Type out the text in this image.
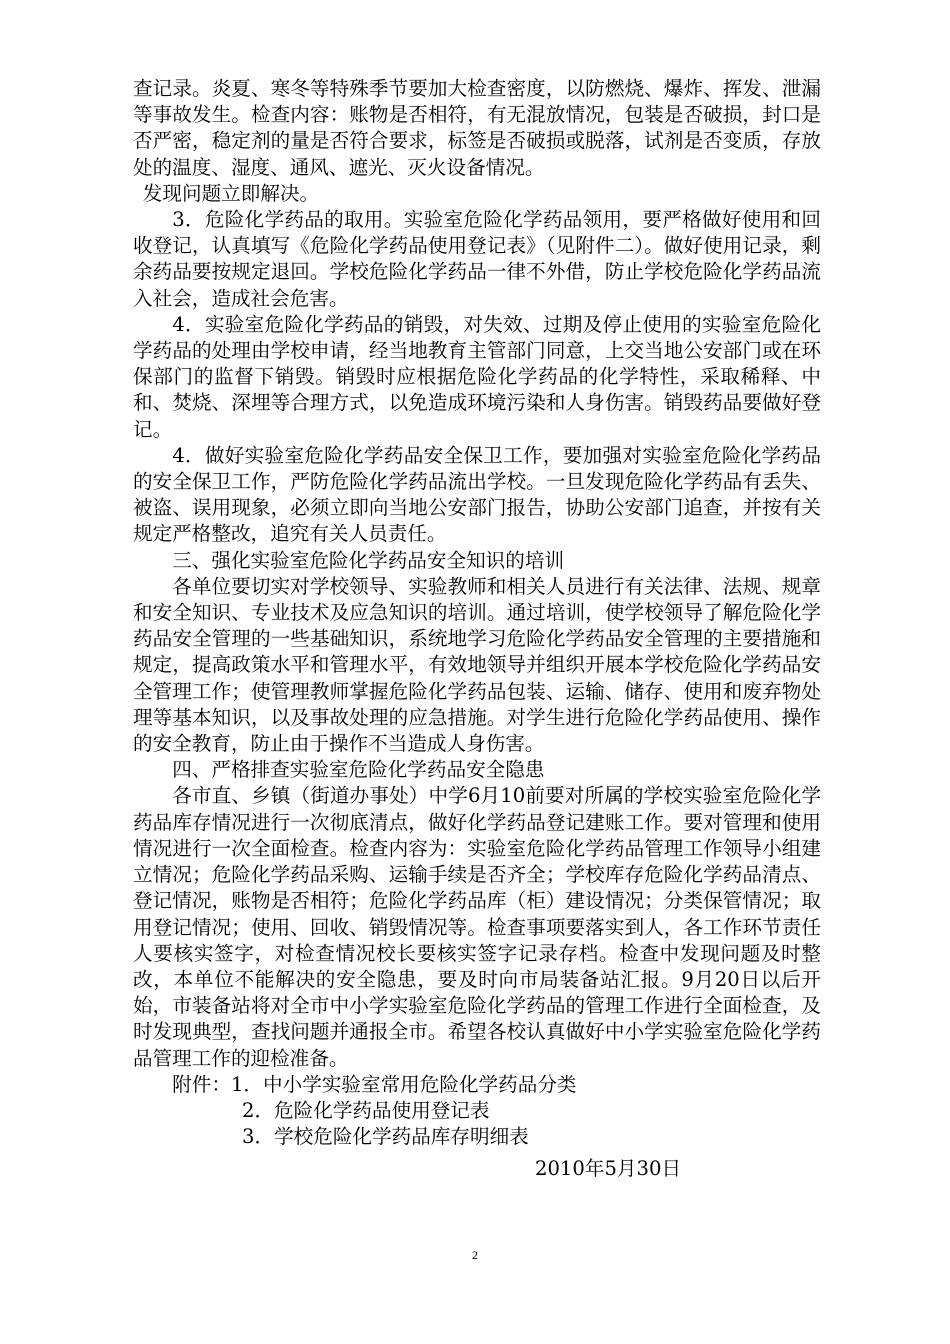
查记录。炎夏、寒冬等特殊季节要加大检查密度，以防燃烧、爆炸、挥发、泄漏等事故发生。检查内容：账物是否相符，有无混放情况，包装是否破损，封口是否严密，稳定剂的量是否符合要求，标签是否破损或脱落，试剂是否变质，存放处的温度、湿度、通风、遮光、灭火设备情况。

发现问题立即解决。

3．危险化学药品的取用。实验室危险化学药品领用，要严格做好使用和回收登记，认真填写《危险化学药品使用登记表》（见附件二）。做好使用记录，剩余药品要按规定退回。学校危险化学药品一律不外借，防止学校危险化学药品流入社会，造成社会危害。

4．实验室危险化学药品的销毁，对失效、过期及停止使用的实验室危险化学药品的处理由学校申请，经当地教育主管部门同意，上交当地公安部门或在环保部门的监督下销毁。销毁时应根据危险化学药品的化学特性，采取稀释、中和、焚烧、深埋等合理方式，以免造成环境污染和人身伤害。销毁药品要做好登记。

4．做好实验室危险化学药品安全保卫工作，要加强对实验室危险化学药品的安全保卫工作，严防危险化学药品流出学校。一旦发现危险化学药品有丢失、被盗、误用现象，必须立即向当地公安部门报告，协助公安部门追查，并按有关规定严格整改，追究有关人员责任。

三、强化实验室危险化学药品安全知识的培训

各单位要切实对学校领导、实验教师和相关人员进行有关法律、法规、规章和安全知识、专业技术及应急知识的培训。通过培训，使学校领导了解危险化学药品安全管理的一些基础知识，系统地学习危险化学药品安全管理的主要措施和规定，提高政策水平和管理水平，有效地领导并组织开展本学校危险化学药品安全管理工作；使管理教师掌握危险化学药品包装、运输、储存、使用和废弃物处理等基本知识，以及事故处理的应急措施。对学生进行危险化学药品使用、操作的安全教育，防止由于操作不当造成人身伤害。

四、严格排查实验室危险化学药品安全隐患

各市直、乡镇（街道办事处）中学6月10前要对所属的学校实验室危险化学药品库存情况进行一次彻底清点，做好化学药品登记建账工作。要对管理和使用情况进行一次全面检查。检查内容为：实验室危险化学药品管理工作领导小组建立情况；危险化学药品采购、运输手续是否齐全；学校库存危险化学药品清点、登记情况，账物是否相符；危险化学药品库（柜）建设情况；分类保管情况；取用登记情况；使用、回收、销毁情况等。检查事项要落实到人，各工作环节责任人要核实签字，对检查情况校长要核实签字记录存档。检查中发现问题及时整改，本单位不能解决的安全隐患，要及时向市局装备站汇报。9月20日以后开始，市装备站将对全市中小学实验室危险化学药品的管理工作进行全面检查，及时发现典型，查找问题并通报全市。希望各校认真做好中小学实验室危险化学药品管理工作的迎检准备。

附件：1．中小学实验室常用危险化学药品分类

2．危险化学药品使用登记表

3．学校危险化学药品库存明细表

2010年5月30日
2
